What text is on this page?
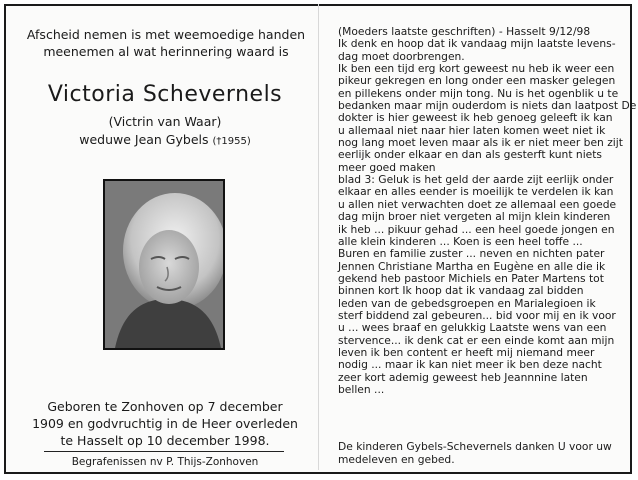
Afscheid nemen is met weemoedige handen
meenemen al wat herinnering waard is
Victoria Schevernels
(Victrin van Waar)
weduwe Jean Gybels (†1955)
Geboren te Zonhoven op 7 december
1909 en godvruchtig in de Heer overleden
te Hasselt op 10 december 1998.
Begrafenissen nv P. Thijs-Zonhoven
(Moeders laatste geschriften) - Hasselt 9/12/98
Ik denk en hoop dat ik vandaag mijn laatste levens-
dag moet doorbrengen.
Ik ben een tijd erg kort geweest nu heb ik weer een
pikeur gekregen en long onder een masker gelegen
en pillekens onder mijn tong. Nu is het ogenblik u te
bedanken maar mijn ouderdom is niets dan laatpost De
dokter is hier geweest ik heb genoeg geleeft ik kan
u allemaal niet naar hier laten komen weet niet ik
nog lang moet leven maar als ik er niet meer ben zijt
eerlijk onder elkaar en dan als gesterft kunt niets
meer goed maken
blad 3: Geluk is het geld der aarde zijt eerlijk onder
elkaar en alles eender is moeilijk te verdelen ik kan
u allen niet verwachten doet ze allemaal een goede
dag mijn broer niet vergeten al mijn klein kinderen
ik heb ... pikuur gehad ... een heel goede jongen en
alle klein kinderen ... Koen is een heel toffe ...
Buren en familie zuster ... neven en nichten pater
Jennen Christiane Martha en Eugène en alle die ik
gekend heb pastoor Michiels en Pater Martens tot
binnen kort Ik hoop dat ik vandaag zal bidden
leden van de gebedsgroepen en Marialegioen ik
sterf biddend zal gebeuren... bid voor mij en ik voor
u ... wees braaf en gelukkig Laatste wens van een
stervence... ik denk cat er een einde komt aan mijn
leven ik ben content er heeft mij niemand meer
nodig ... maar ik kan niet meer ik ben deze nacht
zeer kort ademig geweest heb Jeannnine laten
bellen ...
De kinderen Gybels-Schevernels danken U voor uw
medeleven en gebed.
